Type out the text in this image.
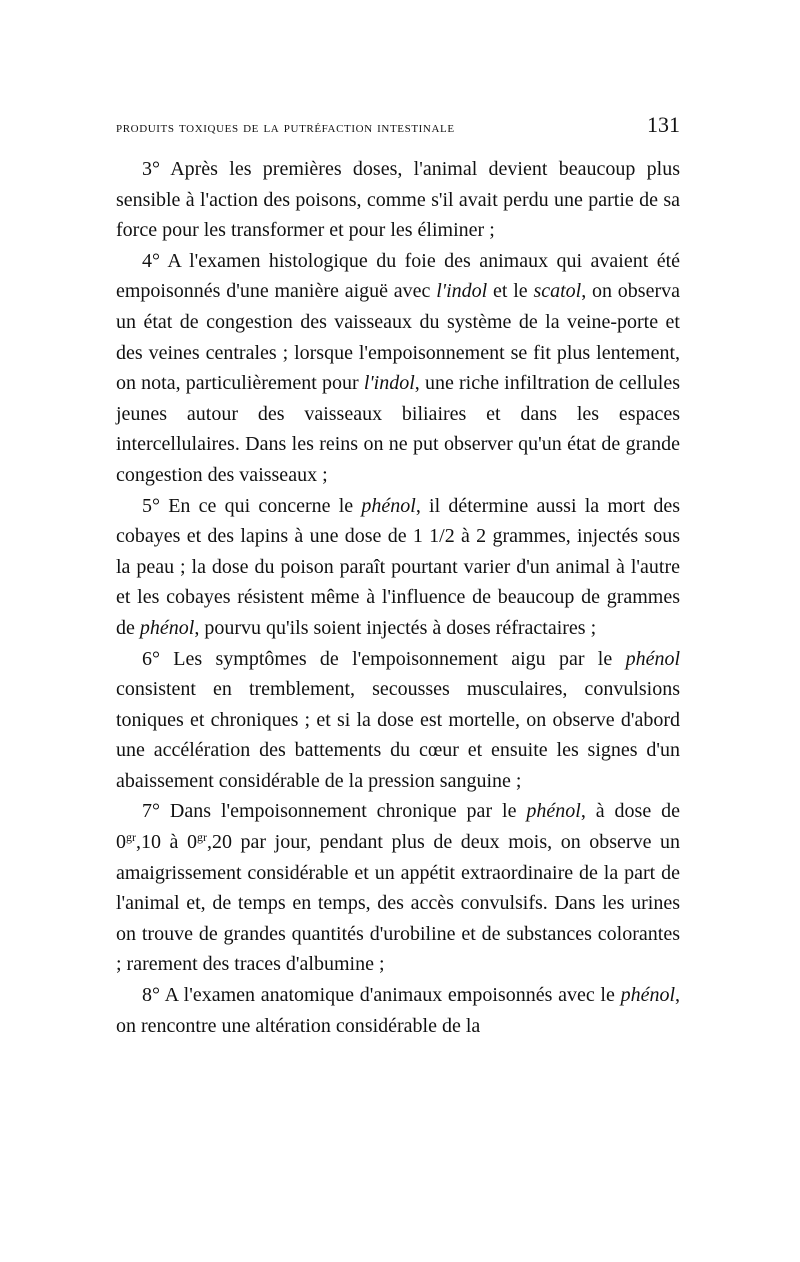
produits toxiques de la putréfaction intestinale	131

3° Après les premières doses, l'animal devient beaucoup plus sensible à l'action des poisons, comme s'il avait perdu une partie de sa force pour les transformer et pour les éliminer ;

4° A l'examen histologique du foie des animaux qui avaient été empoisonnés d'une manière aiguë avec l'indol et le scatol, on observa un état de congestion des vaisseaux du système de la veine-porte et des veines centrales ; lorsque l'empoisonnement se fit plus lentement, on nota, particulièrement pour l'indol, une riche infiltration de cellules jeunes autour des vaisseaux biliaires et dans les espaces intercellulaires. Dans les reins on ne put observer qu'un état de grande congestion des vaisseaux ;

5° En ce qui concerne le phénol, il détermine aussi la mort des cobayes et des lapins à une dose de 1 1/2 à 2 grammes, injectés sous la peau ; la dose du poison paraît pourtant varier d'un animal à l'autre et les cobayes résistent même à l'influence de beaucoup de grammes de phénol, pourvu qu'ils soient injectés à doses réfractaires ;

6° Les symptômes de l'empoisonnement aigu par le phénol consistent en tremblement, secousses musculaires, convulsions toniques et chroniques ; et si la dose est mortelle, on observe d'abord une accélération des battements du cœur et ensuite les signes d'un abaissement considérable de la pression sanguine ;

7° Dans l'empoisonnement chronique par le phénol, à dose de $0^{gr},10$ à $0^{gr},20$ par jour, pendant plus de deux mois, on observe un amaigrissement considérable et un appétit extraordinaire de la part de l'animal et, de temps en temps, des accès convulsifs. Dans les urines on trouve de grandes quantités d'urobiline et de substances colorantes ; rarement des traces d'albumine ;

8° A l'examen anatomique d'animaux empoisonnés avec le phénol, on rencontre une altération considérable de la
